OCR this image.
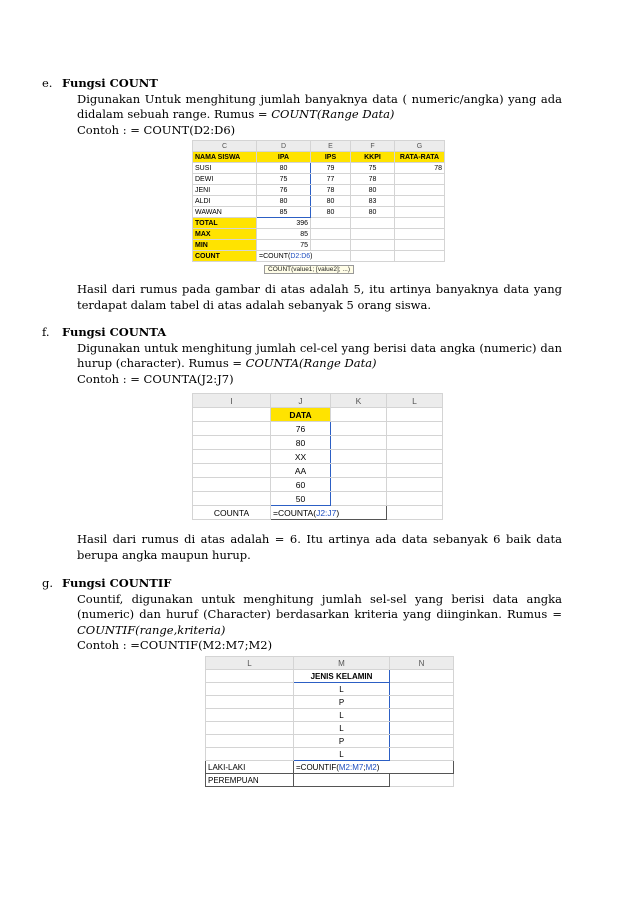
e. Fungsi COUNT
Digunakan Untuk menghitung jumlah banyaknya data ( numeric/angka) yang ada didalam sebuah range. Rumus = COUNT(Range Data)
Contoh : = COUNT(D2:D6)
C	D	E	F	G
NAMA SISWA	IPA	IPS	KKPI	RATA-RATA
SUSI	80	79	75	78
DEWI	75	77	78	
JENI	76	78	80	
ALDI	80	80	83	
WAWAN	85	80	80	
TOTAL	396			
MAX	85			
MIN	75			
COUNT	=COUNT(D2:D6)			
COUNT(value1; [value2]; ...)
Hasil dari rumus pada gambar di atas adalah 5, itu artinya banyaknya data yang terdapat dalam tabel di atas adalah sebanyak 5 orang siswa.
f. Fungsi COUNTA
Digunakan untuk menghitung jumlah cel-cel yang berisi data angka (numeric) dan hurup (character). Rumus = COUNTA(Range Data)
Contoh : = COUNTA(J2:J7)
I	J	K	L
	DATA		
	76		
	80		
	XX		
	AA		
	60		
	50		
COUNTA	=COUNTA(J2:J7)		
Hasil dari rumus di atas adalah = 6. Itu artinya ada data sebanyak 6 baik data berupa angka maupun hurup.
g. Fungsi COUNTIF
Countif, digunakan untuk menghitung jumlah sel-sel yang berisi data angka (numeric) dan huruf (Character) berdasarkan kriteria yang diinginkan. Rumus =
COUNTIF(range,kriteria)
Contoh : =COUNTIF(M2:M7;M2)
L	M	N
	JENIS KELAMIN	
	L	
	P	
	L	
	L	
	P	
	L	
LAKI-LAKI	=COUNTIF(M2:M7;M2)	
PEREMPUAN		
